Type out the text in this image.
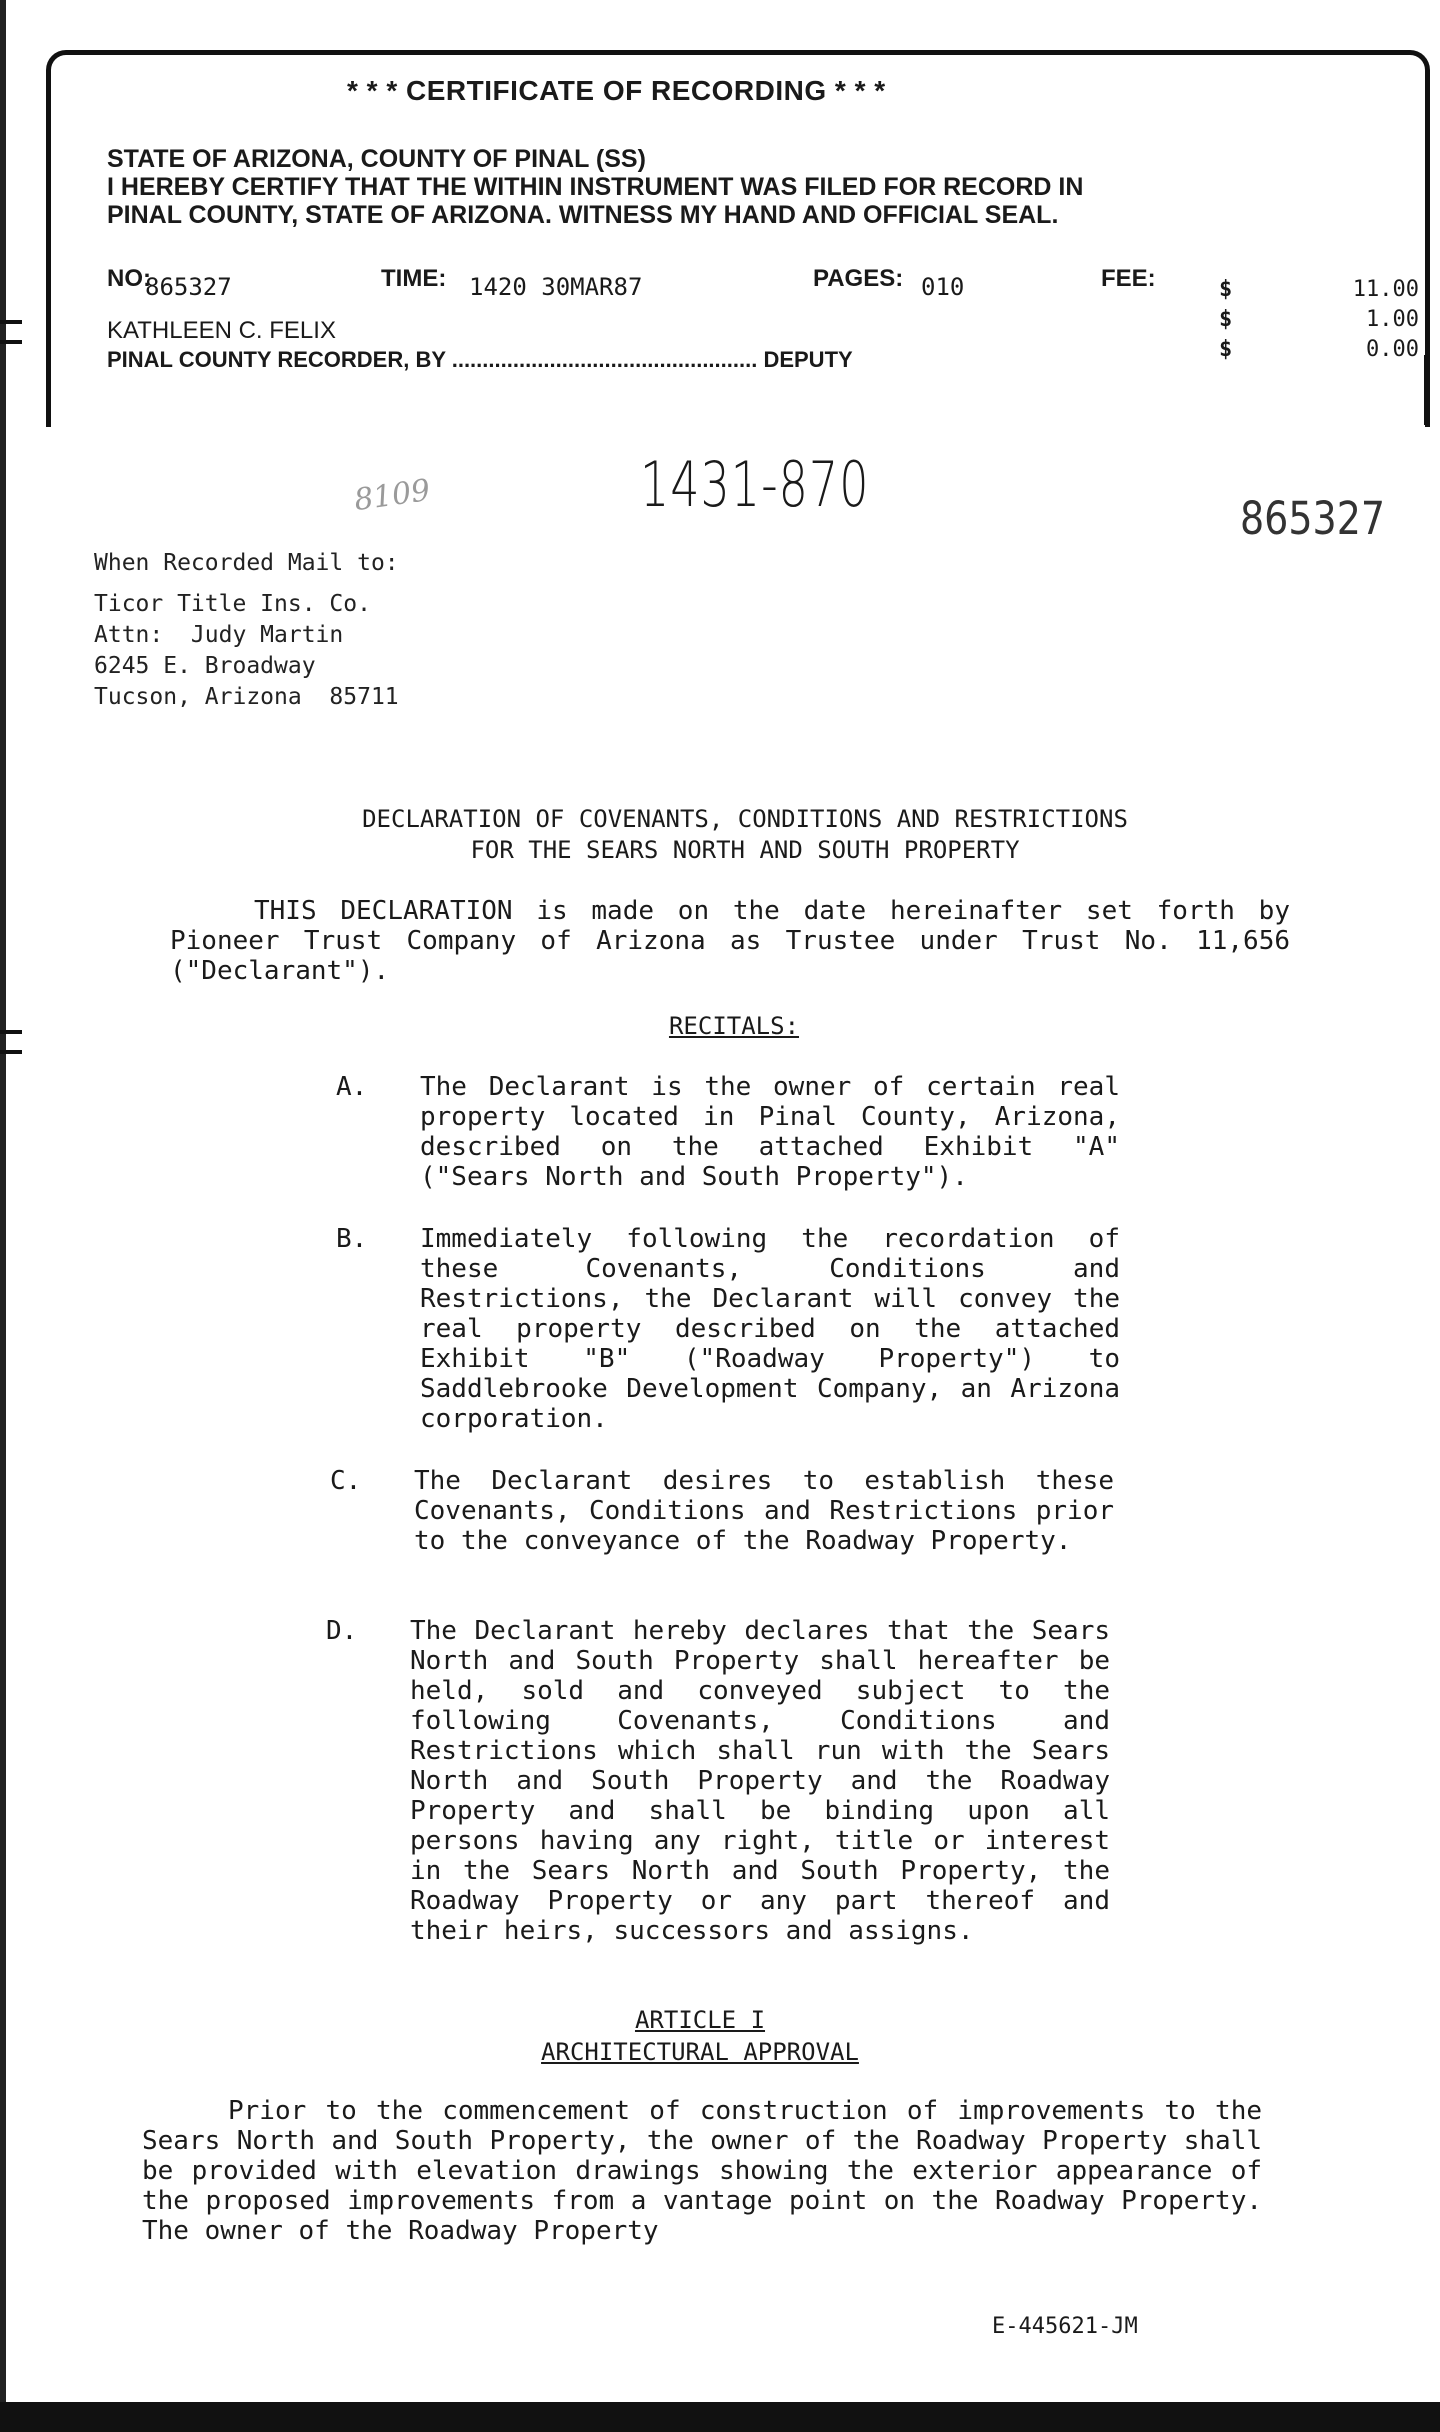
* * * CERTIFICATE OF RECORDING * * *
STATE OF ARIZONA, COUNTY OF PINAL (SS)
I HEREBY CERTIFY THAT THE WITHIN INSTRUMENT WAS FILED FOR RECORD IN
PINAL COUNTY, STATE OF ARIZONA. WITNESS MY HAND AND OFFICIAL SEAL.
NO:
865327	TIME: 1420 30MAR87	PAGES: 010	FEE:	$	11.00
$	1.00
$	0.00
KATHLEEN C. FELIX
PINAL COUNTY RECORDER, BY .................................................. DEPUTY
8109	1431-870	865327
When Recorded Mail to:
Ticor Title Ins. Co.
Attn:  Judy Martin
6245 E. Broadway
Tucson, Arizona  85711
DECLARATION OF COVENANTS, CONDITIONS AND RESTRICTIONS
FOR THE SEARS NORTH AND SOUTH PROPERTY
THIS DECLARATION is made on the date hereinafter set forth by Pioneer Trust Company of Arizona as Trustee under Trust No. 11,656 ("Declarant").
RECITALS:
A. The Declarant is the owner of certain real property located in Pinal County, Arizona, described on the attached Exhibit "A" ("Sears North and South Property").
B. Immediately following the recordation of these Covenants, Conditions and Restrictions, the Declarant will convey the real property described on the attached Exhibit "B" ("Roadway Property") to Saddlebrooke Development Company, an Arizona corporation.
C. The Declarant desires to establish these Covenants, Conditions and Restrictions prior to the conveyance of the Roadway Property.
D. The Declarant hereby declares that the Sears North and South Property shall hereafter be held, sold and conveyed subject to the following Covenants, Conditions and Restrictions which shall run with the Sears North and South Property and the Roadway Property and shall be binding upon all persons having any right, title or interest in the Sears North and South Property, the Roadway Property or any part thereof and their heirs, successors and assigns.
ARTICLE I
ARCHITECTURAL APPROVAL
Prior to the commencement of construction of improvements to the Sears North and South Property, the owner of the Roadway Property shall be provided with elevation drawings showing the exterior appearance of the proposed improvements from a vantage point on the Roadway Property. The owner of the Roadway Property
E-445621-JM
